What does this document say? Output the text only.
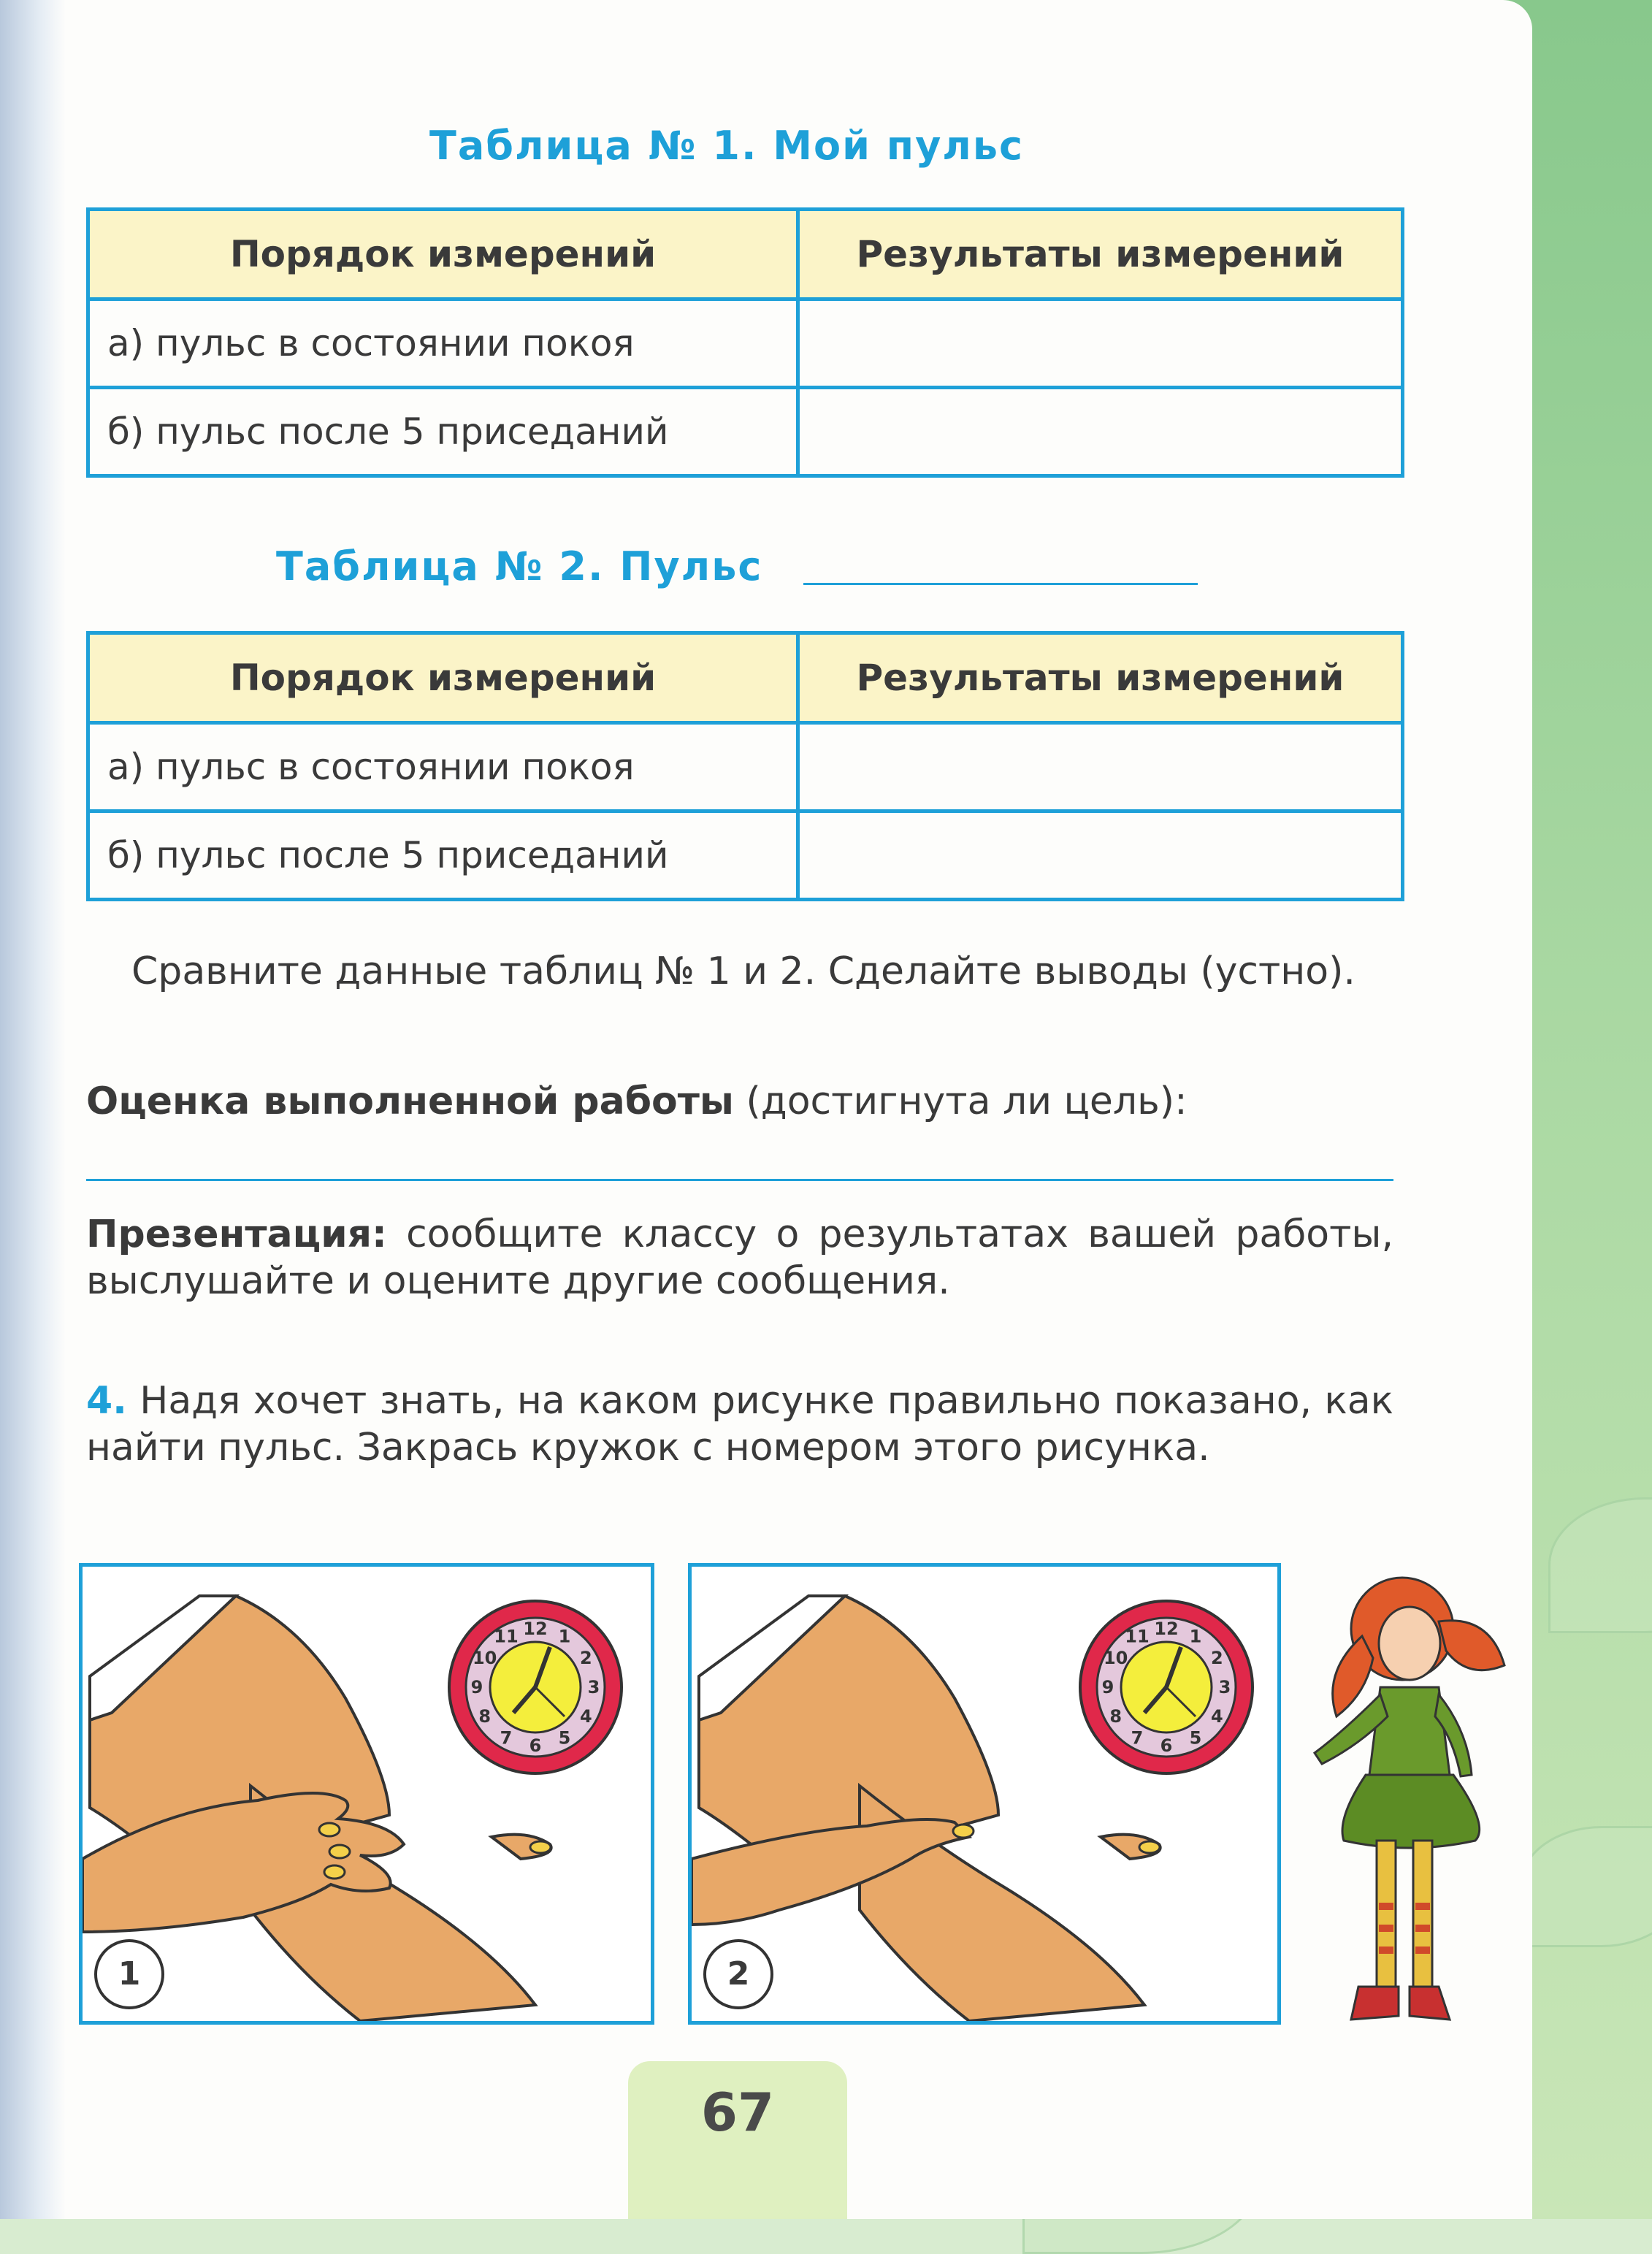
Таблица № 1. Мой пульс
Порядок измерений	Результаты измерений
а) пульс в состоянии покоя	
б) пульс после 5 приседаний	
Таблица № 2. Пульс
Порядок измерений	Результаты измерений
а) пульс в состоянии покоя	
б) пульс после 5 приседаний	
Сравните данные таблиц № 1 и 2. Сделайте выводы (устно).
Оценка выполненной работы (достигнута ли цель):
Презентация: сообщите классу о результатах вашей работы, выслушайте и оцените другие сообщения.
4. Надя хочет знать, на каком рисунке правильно показано, как найти пульс. Закрась кружок с номером этого рисунка.
12 1
2
3
4
5
6
7
8
9
10
11
1
12 1
2
3
4
5
6
7
8
9
10
11
2
67
